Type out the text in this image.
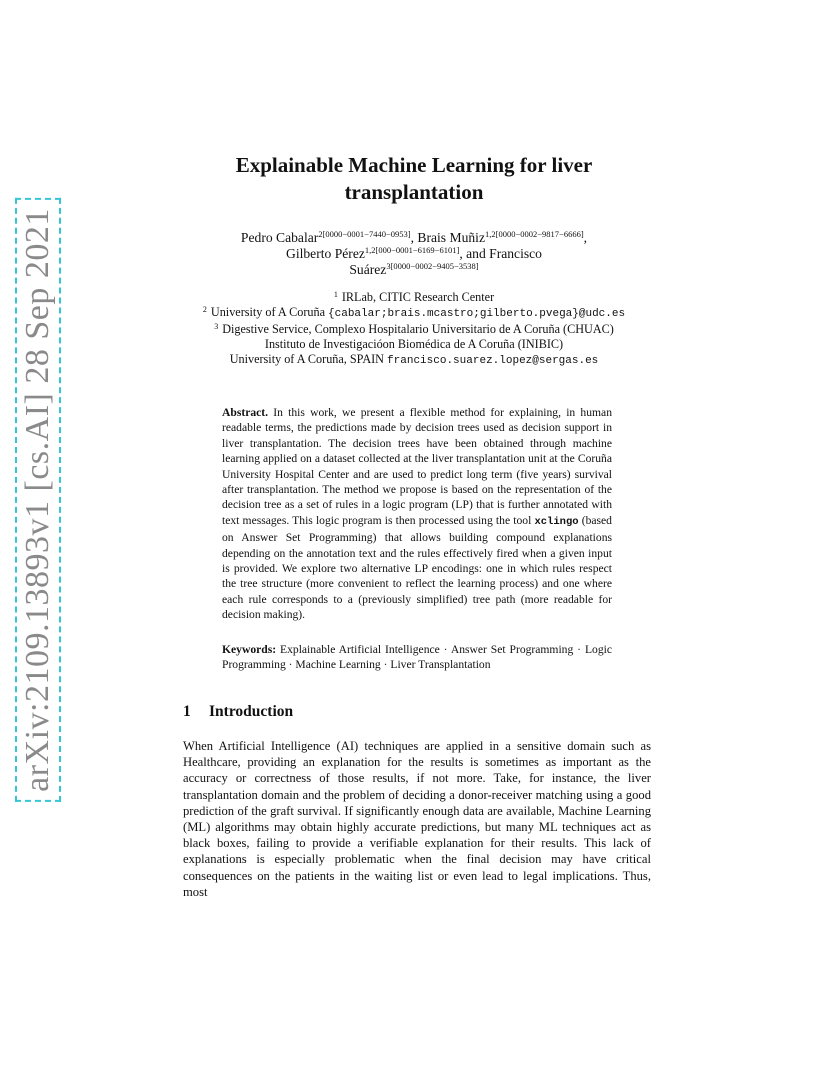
arXiv:2109.13893v1 [cs.AI] 28 Sep 2021
Explainable Machine Learning for liver
transplantation
Pedro Cabalar$^{2[0000-0001-7440-0953]}$, Brais Muñiz$^{1,2[0000-0002-9817-6666]}$,
Gilberto Pérez$^{1,2[000-0001-6169-6101]}$, and Francisco
Suárez$^{3[0000-0002-9405-3538]}$
$^1$ IRLab, CITIC Research Center
$^2$ University of A Coruña {cabalar;brais.mcastro;gilberto.pvega}@udc.es
$^3$ Digestive Service, Complexo Hospitalario Universitario de A Coruña (CHUAC)
Instituto de Investigacióon Biomédica de A Coruña (INIBIC)
University of A Coruña, SPAIN francisco.suarez.lopez@sergas.es
Abstract. In this work, we present a flexible method for explaining, in human readable terms, the predictions made by decision trees used as decision support in liver transplantation. The decision trees have been obtained through machine learning applied on a dataset collected at the liver transplantation unit at the Coruña University Hospital Center and are used to predict long term (five years) survival after transplantation. The method we propose is based on the representation of the decision tree as a set of rules in a logic program (LP) that is further annotated with text messages. This logic program is then processed using the tool xclingo (based on Answer Set Programming) that allows building compound explanations depending on the annotation text and the rules effectively fired when a given input is provided. We explore two alternative LP encodings: one in which rules respect the tree structure (more convenient to reflect the learning process) and one where each rule corresponds to a (previously simplified) tree path (more readable for decision making).
Keywords: Explainable Artificial Intelligence · Answer Set Programming · Logic Programming · Machine Learning · Liver Transplantation
1 Introduction
When Artificial Intelligence (AI) techniques are applied in a sensitive domain such as Healthcare, providing an explanation for the results is sometimes as important as the accuracy or correctness of those results, if not more. Take, for instance, the liver transplantation domain and the problem of deciding a donor-receiver matching using a good prediction of the graft survival. If significantly enough data are available, Machine Learning (ML) algorithms may obtain highly accurate predictions, but many ML techniques act as black boxes, failing to provide a verifiable explanation for their results. This lack of explanations is especially problematic when the final decision may have critical consequences on the patients in the waiting list or even lead to legal implications. Thus, most
